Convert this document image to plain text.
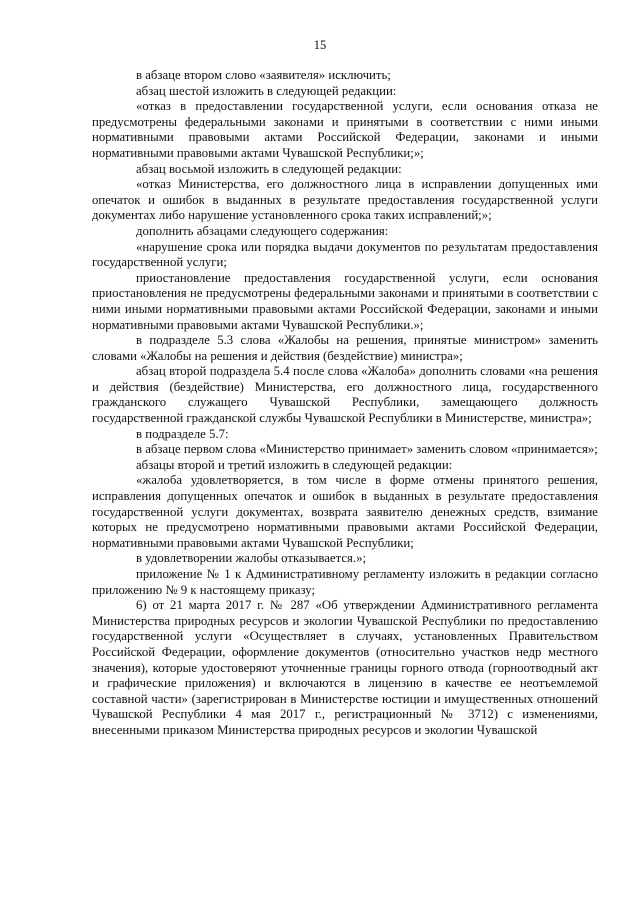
15

в абзаце втором слово «заявителя» исключить;

абзац шестой изложить в следующей редакции:

«отказ в предоставлении государственной услуги, если основания отказа не предусмотрены федеральными законами и принятыми в соответствии с ними иными нормативными правовыми актами Российской Федерации, законами и иными нормативными правовыми актами Чувашской Республики;»;

абзац восьмой изложить в следующей редакции:

«отказ Министерства, его должностного лица в исправлении допущенных ими опечаток и ошибок в выданных в результате предоставления государственной услуги документах либо нарушение установленного срока таких исправлений;»;

дополнить абзацами следующего содержания:

«нарушение срока или порядка выдачи документов по результатам предоставления государственной услуги;

приостановление предоставления государственной услуги, если основания приостановления не предусмотрены федеральными законами и принятыми в соответствии с ними иными нормативными правовыми актами Российской Федерации, законами и иными нормативными правовыми актами Чувашской Республики.»;

в подразделе 5.3 слова «Жалобы на решения, принятые министром» заменить словами «Жалобы на решения и действия (бездействие) министра»;

абзац второй подраздела 5.4 после слова «Жалоба» дополнить словами «на решения и действия (бездействие) Министерства, его должностного лица, государственного гражданского служащего Чувашской Республики, замещающего должность государственной гражданской службы Чувашской Республики в Министерстве, министра»;

в подразделе 5.7:

в абзаце первом слова «Министерство принимает» заменить словом «принимается»;

абзацы второй и третий изложить в следующей редакции:

«жалоба удовлетворяется, в том числе в форме отмены принятого решения, исправления допущенных опечаток и ошибок в выданных в результате предоставления государственной услуги документах, возврата заявителю денежных средств, взимание которых не предусмотрено нормативными правовыми актами Российской Федерации, нормативными правовыми актами Чувашской Республики;

в удовлетворении жалобы отказывается.»;

приложение № 1 к Административному регламенту изложить в редакции согласно приложению № 9 к настоящему приказу;

6) от 21 марта 2017 г. № 287 «Об утверждении Административного регламента Министерства природных ресурсов и экологии Чувашской Республики по предоставлению государственной услуги «Осуществляет в случаях, установленных Правительством Российской Федерации, оформление документов (относительно участков недр местного значения), которые удостоверяют уточненные границы горного отвода (горноотводный акт и графические приложения) и включаются в лицензию в качестве ее неотъемлемой составной части» (зарегистрирован в Министерстве юстиции и имущественных отношений Чувашской Республики 4 мая 2017 г., регистрационный № 3712) с изменениями, внесенными приказом Министерства природных ресурсов и экологии Чувашской
